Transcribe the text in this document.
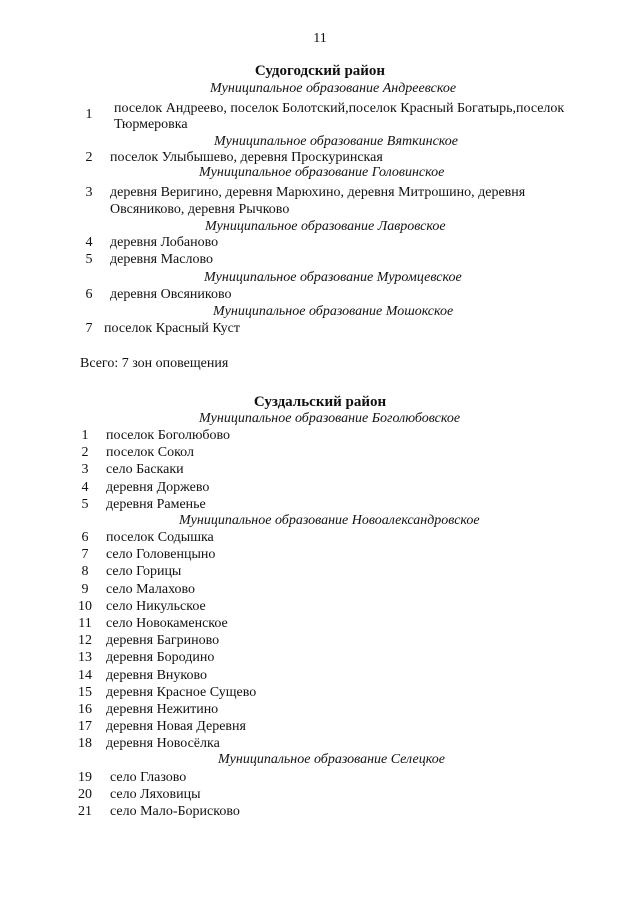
11
Судогодский район
Муниципальное образование Андреевское
1	поселок Андреево, поселок Болотский,поселок Красный Богатырь,поселок
Тюрмеровка
Муниципальное образование Вяткинское
2	поселок Улыбышево, деревня Проскуринская
Муниципальное образование Головинское
3	деревня Веригино, деревня Марюхино, деревня Митрошино, деревня
Овсяниково, деревня Рычково
Муниципальное образование Лавровское
4	деревня Лобаново
5	деревня Маслово
Муниципальное образование Муромцевское
6	деревня Овсяниково
Муниципальное образование Мошокское
7 поселок Красный Куст
Всего: 7 зон оповещения
Суздальский район
Муниципальное образование Боголюбовское
1	поселок Боголюбово
2	поселок Сокол
3	село Баскаки
4	деревня Доржево
5	деревня Раменье
Муниципальное образование Новоалександровское
6	поселок Содышка
7	село Головенцыно
8	село Горицы
9	село Малахово
10 село Никульское
11	село Новокаменское
12 деревня Багриново
13 деревня Бородино
14 деревня Внуково
15 деревня Красное Сущево
16 деревня Нежитино
17 деревня Новая Деревня
18 деревня Новосёлка
Муниципальное образование Селецкое
19 село Глазово
20 село Ляховицы
21 село Мало-Борисково
